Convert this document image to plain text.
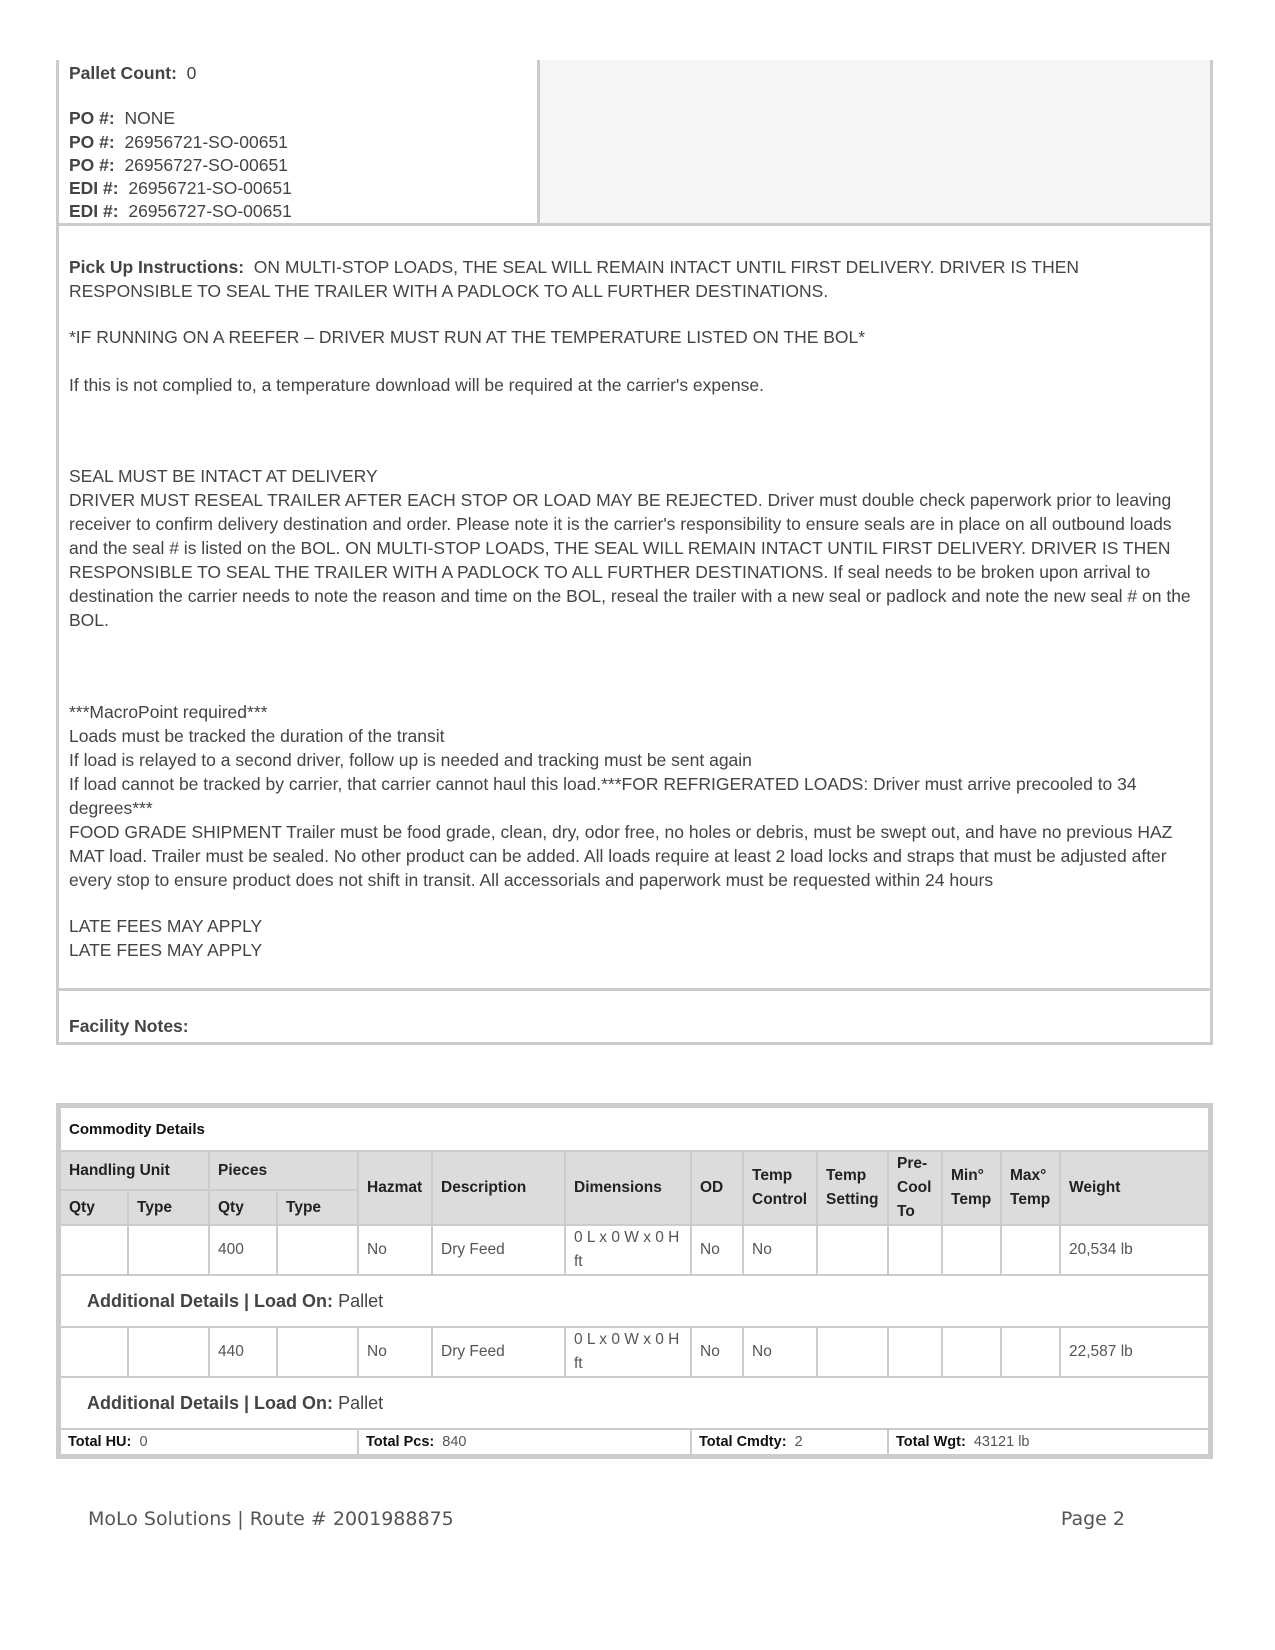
Pallet Count: 0
PO #: NONE
PO #: 26956721-SO-00651
PO #: 26956727-SO-00651
EDI #: 26956721-SO-00651
EDI #: 26956727-SO-00651

Pick Up Instructions: ON MULTI-STOP LOADS, THE SEAL WILL REMAIN INTACT UNTIL FIRST DELIVERY. DRIVER IS THEN RESPONSIBLE TO SEAL THE TRAILER WITH A PADLOCK TO ALL FURTHER DESTINATIONS.

*IF RUNNING ON A REEFER – DRIVER MUST RUN AT THE TEMPERATURE LISTED ON THE BOL*

If this is not complied to, a temperature download will be required at the carrier's expense.

SEAL MUST BE INTACT AT DELIVERY

DRIVER MUST RESEAL TRAILER AFTER EACH STOP OR LOAD MAY BE REJECTED. Driver must double check paperwork prior to leaving receiver to confirm delivery destination and order. Please note it is the carrier's responsibility to ensure seals are in place on all outbound loads and the seal # is listed on the BOL. ON MULTI-STOP LOADS, THE SEAL WILL REMAIN INTACT UNTIL FIRST DELIVERY. DRIVER IS THEN RESPONSIBLE TO SEAL THE TRAILER WITH A PADLOCK TO ALL FURTHER DESTINATIONS. If seal needs to be broken upon arrival to destination the carrier needs to note the reason and time on the BOL, reseal the trailer with a new seal or padlock and note the new seal # on the BOL.

***MacroPoint required***

Loads must be tracked the duration of the transit

If load is relayed to a second driver, follow up is needed and tracking must be sent again

If load cannot be tracked by carrier, that carrier cannot haul this load.***FOR REFRIGERATED LOADS: Driver must arrive precooled to 34 degrees***

FOOD GRADE SHIPMENT Trailer must be food grade, clean, dry, odor free, no holes or debris, must be swept out, and have no previous HAZ MAT load. Trailer must be sealed. No other product can be added. All loads require at least 2 load locks and straps that must be adjusted after every stop to ensure product does not shift in transit. All accessorials and paperwork must be requested within 24 hours

LATE FEES MAY APPLY

LATE FEES MAY APPLY

Facility Notes:
Commodity Details													
Handling Unit		Pieces		Hazmat	Description	Dimensions	OD	Temp Control	Temp Setting	Pre-Cool To	Min° Temp	Max° Temp	Weight
Qty	Type	Qty	Type										
		400		No	Dry Feed	0 L x 0 W x 0 H ft	No	No					20,534 lb
Additional Details | Load On: Pallet													
		440		No	Dry Feed	0 L x 0 W x 0 H ft	No	No					22,587 lb
Additional Details | Load On: Pallet													
Total HU: 0				Total Pcs: 840			Total Cmdty: 2			Total Wgt: 43121 lb			
MoLo Solutions | Route # 2001988875	Page 2
